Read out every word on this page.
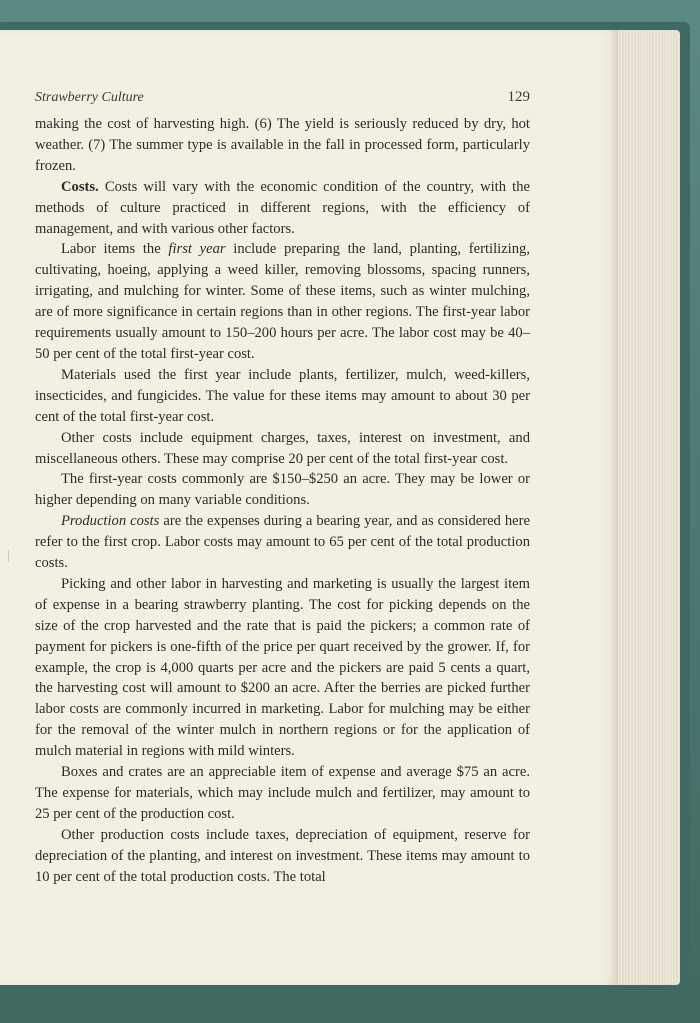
Strawberry Culture	129

making the cost of harvesting high. (6) The yield is seriously reduced by dry, hot weather. (7) The summer type is available in the fall in processed form, particularly frozen.

Costs. Costs will vary with the economic condition of the country, with the methods of culture practiced in different regions, with the efficiency of management, and with various other factors.

Labor items the first year include preparing the land, planting, fertilizing, cultivating, hoeing, applying a weed killer, removing blossoms, spacing runners, irrigating, and mulching for winter. Some of these items, such as winter mulching, are of more significance in certain regions than in other regions. The first-year labor requirements usually amount to 150–200 hours per acre. The labor cost may be 40–50 per cent of the total first-year cost.

Materials used the first year include plants, fertilizer, mulch, weed-killers, insecticides, and fungicides. The value for these items may amount to about 30 per cent of the total first-year cost.

Other costs include equipment charges, taxes, interest on investment, and miscellaneous others. These may comprise 20 per cent of the total first-year cost.

The first-year costs commonly are $150–$250 an acre. They may be lower or higher depending on many variable conditions.

Production costs are the expenses during a bearing year, and as considered here refer to the first crop. Labor costs may amount to 65 per cent of the total production costs.

Picking and other labor in harvesting and marketing is usually the largest item of expense in a bearing strawberry planting. The cost for picking depends on the size of the crop harvested and the rate that is paid the pickers; a common rate of payment for pickers is one-fifth of the price per quart received by the grower. If, for example, the crop is 4,000 quarts per acre and the pickers are paid 5 cents a quart, the harvesting cost will amount to $200 an acre. After the berries are picked further labor costs are commonly incurred in marketing. Labor for mulching may be either for the removal of the winter mulch in northern regions or for the application of mulch material in regions with mild winters.

Boxes and crates are an appreciable item of expense and average $75 an acre. The expense for materials, which may include mulch and fertilizer, may amount to 25 per cent of the production cost.

Other production costs include taxes, depreciation of equipment, reserve for depreciation of the planting, and interest on investment. These items may amount to 10 per cent of the total production costs. The total
